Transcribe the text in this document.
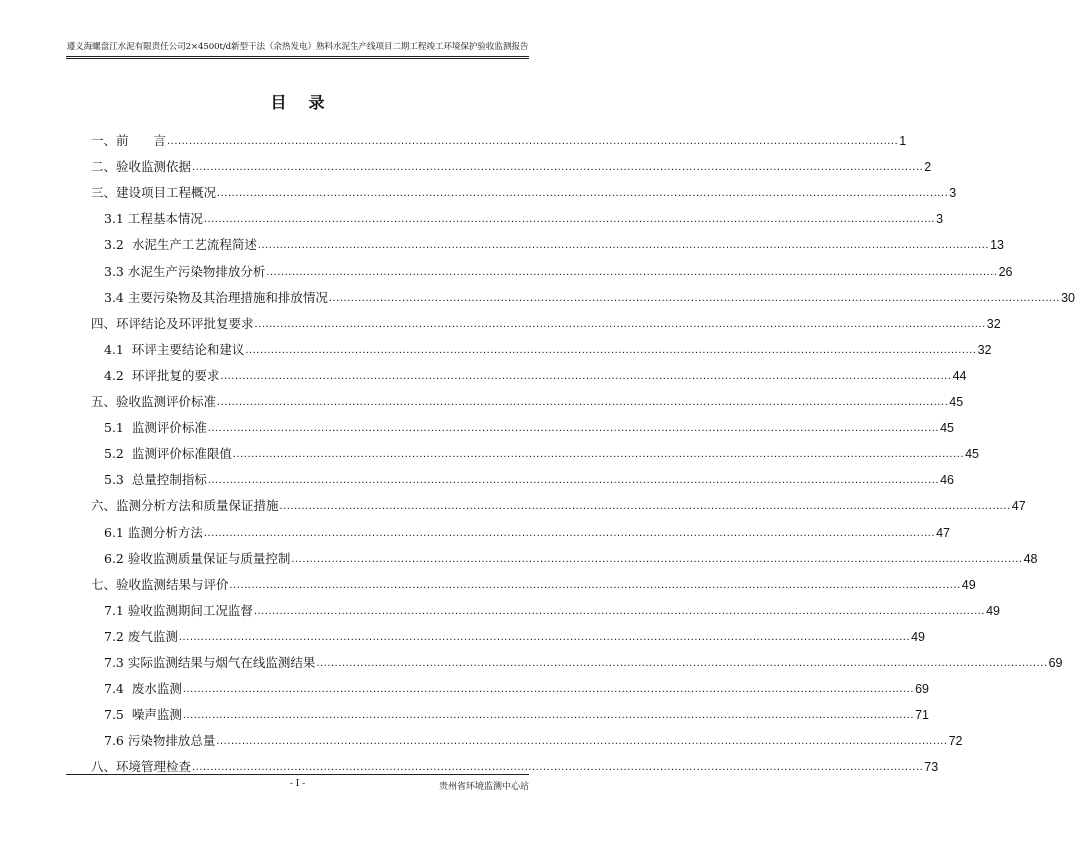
遵义海螺盘江水泥有限责任公司2×4500t/d新型干法（余热发电）熟料水泥生产线项目二期工程竣工环境保护验收监测报告
目录
一、前　　言 ........................................................................................................................................................................................................ 1
二、验收监测依据 ........................................................................................................................................................................................................ 2
三、建设项目工程概况 ........................................................................................................................................................................................................ 3
3.1 工程基本情况 ........................................................................................................................................................................................................ 3
3.2  水泥生产工艺流程简述 ........................................................................................................................................................................................................ 13
3.3 水泥生产污染物排放分析 ........................................................................................................................................................................................................ 26
3.4 主要污染物及其治理措施和排放情况 ........................................................................................................................................................................................................ 30
四、环评结论及环评批复要求 ........................................................................................................................................................................................................ 32
4.1  环评主要结论和建议 ........................................................................................................................................................................................................ 32
4.2  环评批复的要求 ........................................................................................................................................................................................................ 44
五、验收监测评价标准 ........................................................................................................................................................................................................ 45
5.1  监测评价标准 ........................................................................................................................................................................................................ 45
5.2  监测评价标准限值 ........................................................................................................................................................................................................ 45
5.3  总量控制指标 ........................................................................................................................................................................................................ 46
六、监测分析方法和质量保证措施 ........................................................................................................................................................................................................ 47
6.1 监测分析方法 ........................................................................................................................................................................................................ 47
6.2 验收监测质量保证与质量控制 ........................................................................................................................................................................................................ 48
七、验收监测结果与评价 ........................................................................................................................................................................................................ 49
7.1 验收监测期间工况监督 ........................................................................................................................................................................................................ 49
7.2 废气监测 ........................................................................................................................................................................................................ 49
7.3 实际监测结果与烟气在线监测结果 ........................................................................................................................................................................................................ 69
7.4  废水监测 ........................................................................................................................................................................................................ 69
7.5  噪声监测 ........................................................................................................................................................................................................ 71
7.6 污染物排放总量 ........................................................................................................................................................................................................ 72
八、环境管理检查 ........................................................................................................................................................................................................ 73
- I -	贵州省环境监测中心站
